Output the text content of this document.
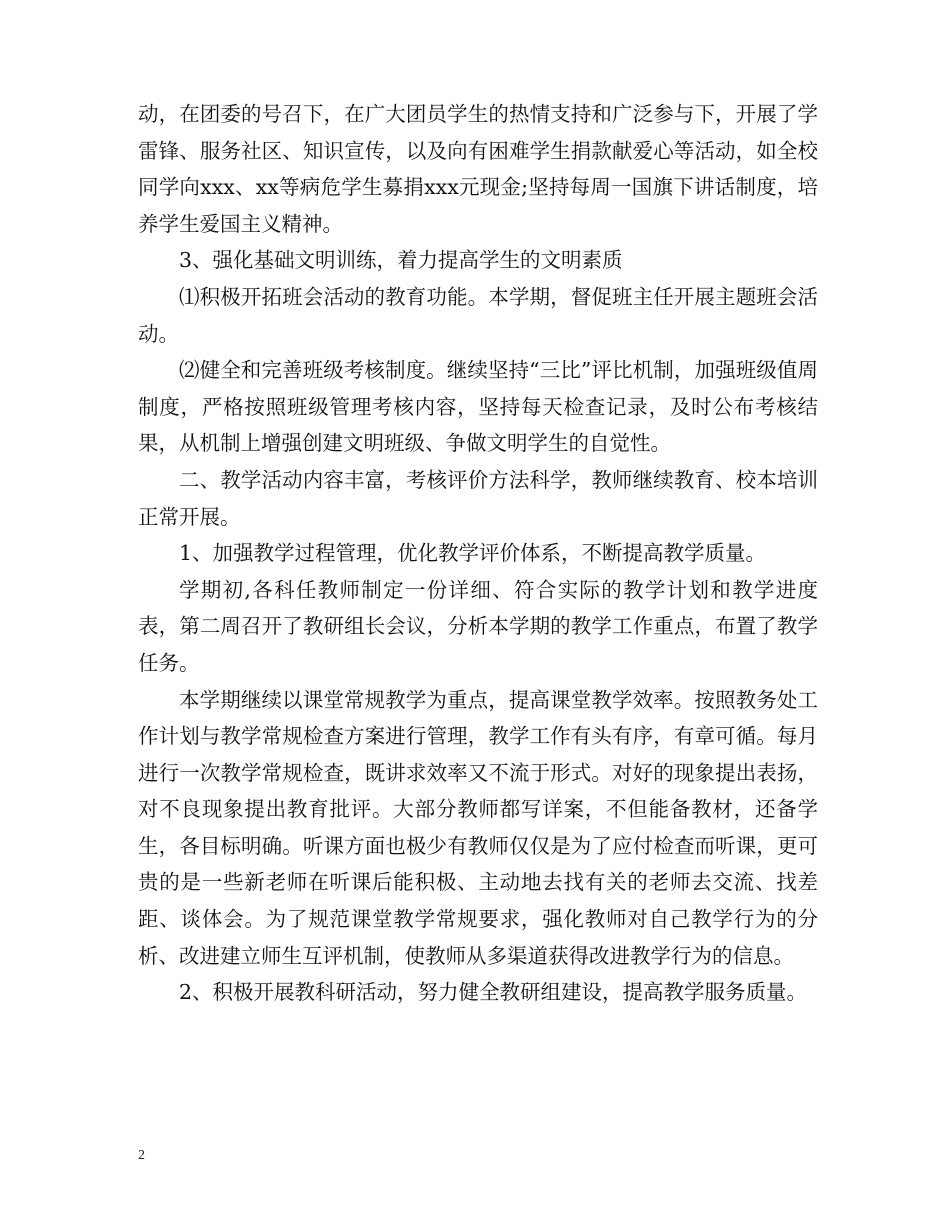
动，在团委的号召下，在广大团员学生的热情支持和广泛参与下，开展了学雷锋、服务社区、知识宣传，以及向有困难学生捐款献爱心等活动，如全校同学向xxx、xx等病危学生募捐xxx元现金;坚持每周一国旗下讲话制度，培养学生爱国主义精神。

3、强化基础文明训练，着力提高学生的文明素质

⑴积极开拓班会活动的教育功能。本学期，督促班主任开展主题班会活动。

⑵健全和完善班级考核制度。继续坚持“三比”评比机制，加强班级值周制度，严格按照班级管理考核内容，坚持每天检查记录，及时公布考核结果，从机制上增强创建文明班级、争做文明学生的自觉性。

二、教学活动内容丰富，考核评价方法科学，教师继续教育、校本培训正常开展。

1、加强教学过程管理，优化教学评价体系，不断提高教学质量。

学期初,各科任教师制定一份详细、符合实际的教学计划和教学进度表，第二周召开了教研组长会议，分析本学期的教学工作重点，布置了教学任务。

本学期继续以课堂常规教学为重点，提高课堂教学效率。按照教务处工作计划与教学常规检查方案进行管理，教学工作有头有序，有章可循。每月进行一次教学常规检查，既讲求效率又不流于形式。对好的现象提出表扬，对不良现象提出教育批评。大部分教师都写详案，不但能备教材，还备学生，各目标明确。听课方面也极少有教师仅仅是为了应付检查而听课，更可贵的是一些新老师在听课后能积极、主动地去找有关的老师去交流、找差距、谈体会。为了规范课堂教学常规要求，强化教师对自己教学行为的分析、改进建立师生互评机制，使教师从多渠道获得改进教学行为的信息。

2、积极开展教科研活动，努力健全教研组建设，提高教学服务质量。

2
